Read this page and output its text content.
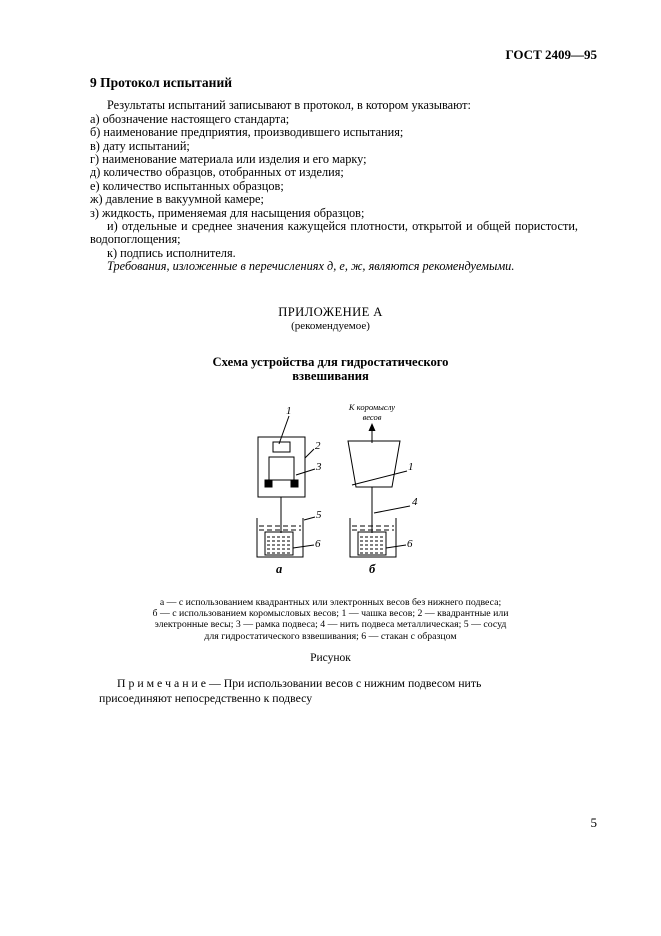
ГОСТ 2409—95
9 Протокол испытаний

Результаты испытаний записывают в протокол, в котором указывают:

а) обозначение настоящего стандарта;
б) наименование предприятия, производившего испытания;
в) дату испытаний;
г) наименование материала или изделия и его марку;
д) количество образцов, отобранных от изделия;
е) количество испытанных образцов;
ж) давление в вакуумной камере;
з) жидкость, применяемая для насыщения образцов;
и) отдельные и среднее значения кажущейся плотности, открытой и общей пористости, водопоглощения;
к) подпись исполнителя.

Требования, изложенные в перечислениях д, е, ж, являются рекомендуемыми.

ПРИЛОЖЕНИЕ А
(рекомендуемое)
Схема устройства для гидростатического
взвешивания
1
2
3
5
6
а
К коромыслу
весов
1
4
6
б
а — с использованием квадрантных или электронных весов без нижнего подвеса;
б — с использованием коромысловых весов; 1 — чашка весов; 2 — квадрантные или
электронные весы; 3 — рамка подвеса; 4 — нить подвеса металлическая; 5 — сосуд
для гидростатического взвешивания; 6 — стакан с образцом
Рисунок
П р и м е ч а н и е — При использовании весов с нижним подвесом нить
присоединяют непосредственно к подвесу
5
